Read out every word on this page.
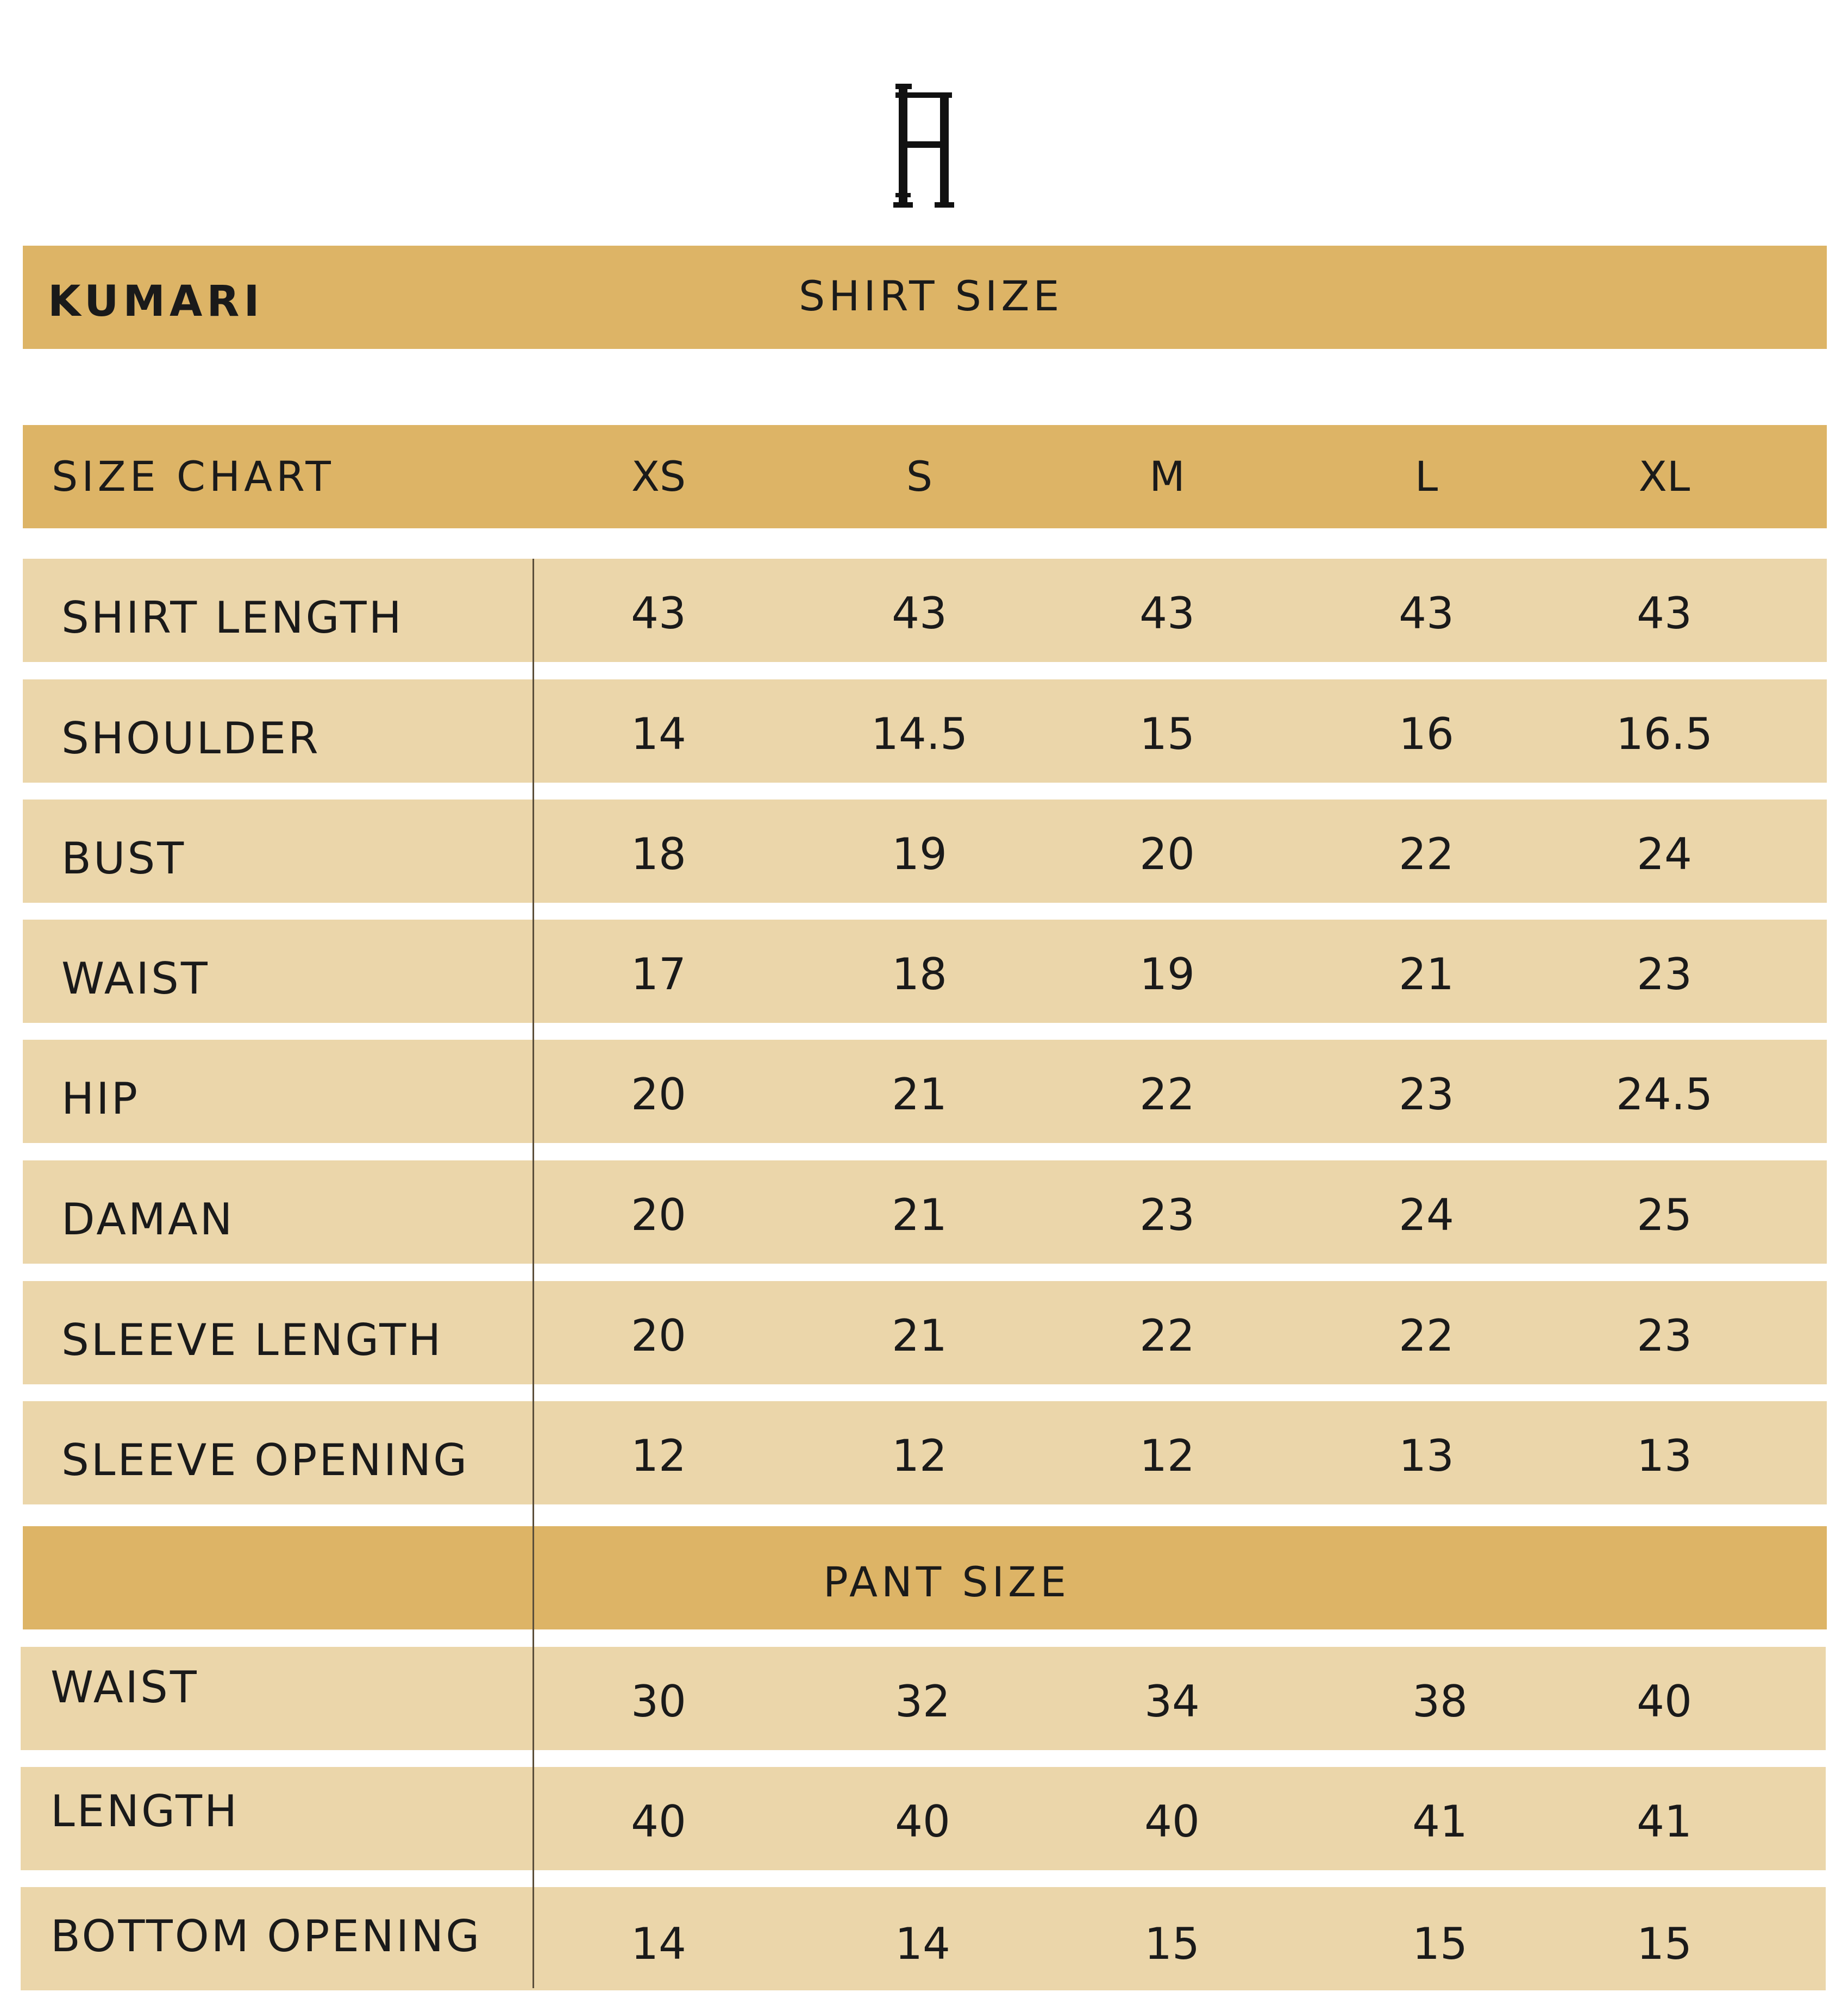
KUMARI	SHIRT SIZE
SIZE CHART	XS	S	M	L	XL
SHIRT LENGTH	43	43	43	43	43
SHOULDER	14	14.5	15	16	16.5
BUST	18	19	20	22	24
WAIST	17	18	19	21	23
HIP	20	21	22	23	24.5
DAMAN	20	21	23	24	25
SLEEVE LENGTH	20	21	22	22	23
SLEEVE OPENING	12	12	12	13	13
PANT SIZE
WAIST	30	32	34	38	40
LENGTH	40	40	40	41	41
BOTTOM OPENING	14	14	15	15	15
